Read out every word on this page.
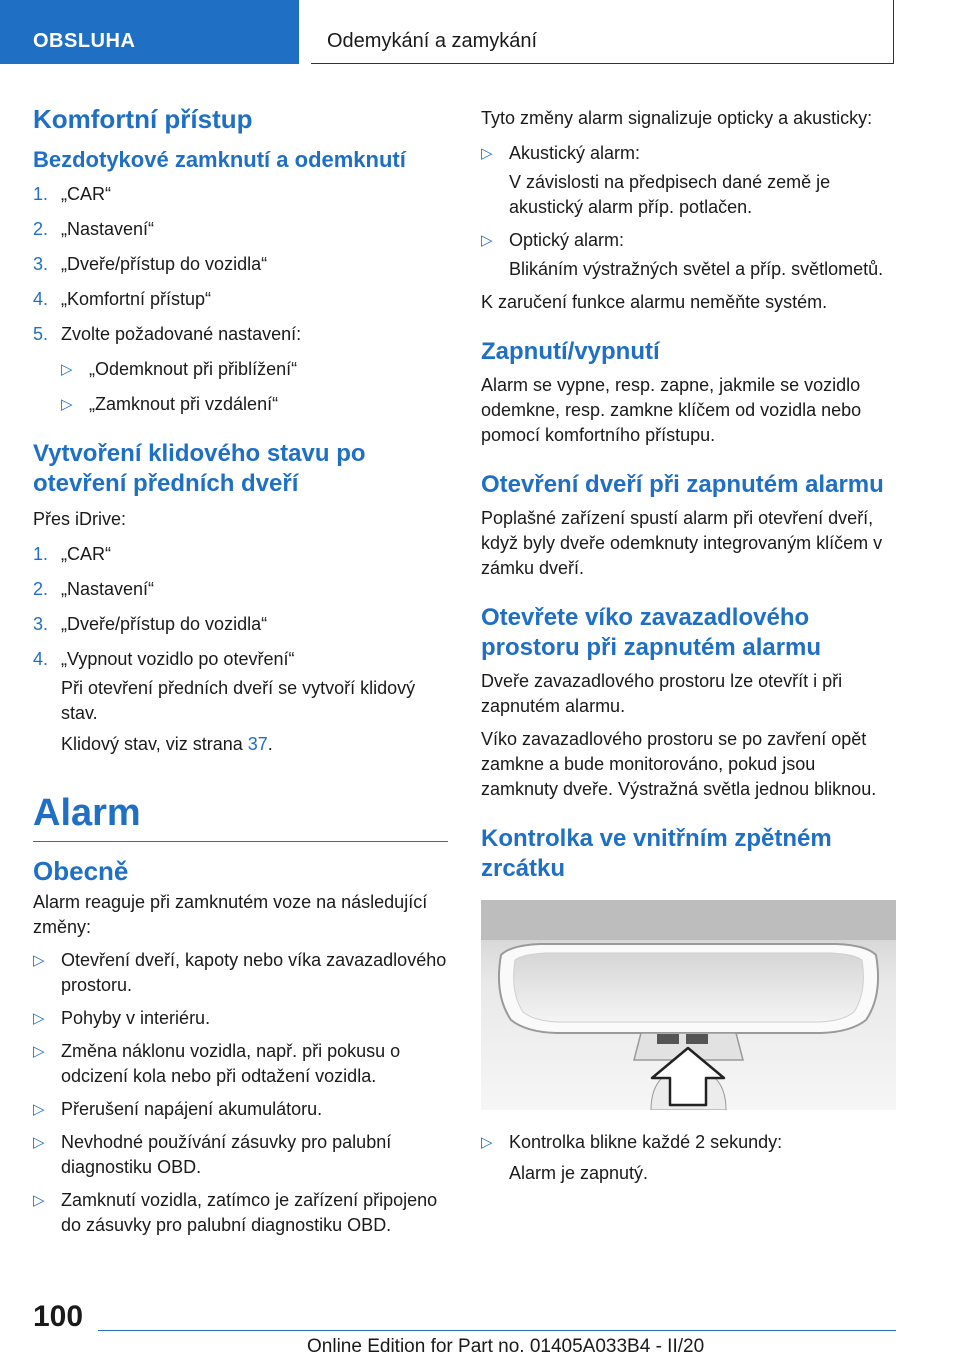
OBSLUHA	Odemykání a zamykání
Komfortní přístup
Bezdotykové zamknutí a odemknutí
1. „CAR“
2. „Nastavení“
3. „Dveře/přístup do vozidla“
4. „Komfortní přístup“
5. Zvolte požadované nastavení:
▷ „Odemknout při přiblížení“
▷ „Zamknout při vzdálení“
Vytvoření klidového stavu po otevření předních dveří

Přes iDrive:

1. „CAR“
2. „Nastavení“
3. „Dveře/přístup do vozidla“
4. „Vypnout vozidlo po otevření“

Při otevření předních dveří se vytvoří klidový stav.

Klidový stav, viz strana 37.

Alarm
Obecně

Alarm reaguje při zamknutém voze na následující změny:

▷ Otevření dveří, kapoty nebo víka zavazadlového prostoru.
▷ Pohyby v interiéru.
▷ Změna náklonu vozidla, např. při pokusu o odcizení kola nebo při odtažení vozidla.
▷ Přerušení napájení akumulátoru.
▷ Nevhodné používání zásuvky pro palubní diagnostiku OBD.
▷ Zamknutí vozidla, zatímco je zařízení připojeno do zásuvky pro palubní diagnostiku OBD.

Tyto změny alarm signalizuje opticky a akusticky:

▷ Akustický alarm:

V závislosti na předpisech dané země je akustický alarm příp. potlačen.

▷ Optický alarm:

Blikáním výstražných světel a příp. světlometů.

K zaručení funkce alarmu neměňte systém.

Zapnutí/vypnutí

Alarm se vypne, resp. zapne, jakmile se vozidlo odemkne, resp. zamkne klíčem od vozidla nebo pomocí komfortního přístupu.

Otevření dveří při zapnutém alarmu

Poplašné zařízení spustí alarm při otevření dveří, když byly dveře odemknuty integrovaným klíčem v zámku dveří.

Otevřete víko zavazadlového prostoru při zapnutém alarmu

Dveře zavazadlového prostoru lze otevřít i při zapnutém alarmu.

Víko zavazadlového prostoru se po zavření opět zamkne a bude monitorováno, pokud jsou zamknuty dveře. Výstražná světla jednou bliknou.

Kontrolka ve vnitřním zpětném zrcátku
▷ Kontrolka blikne každé 2 sekundy:

Alarm je zapnutý.

100
Online Edition for Part no. 01405A033B4 - II/20
